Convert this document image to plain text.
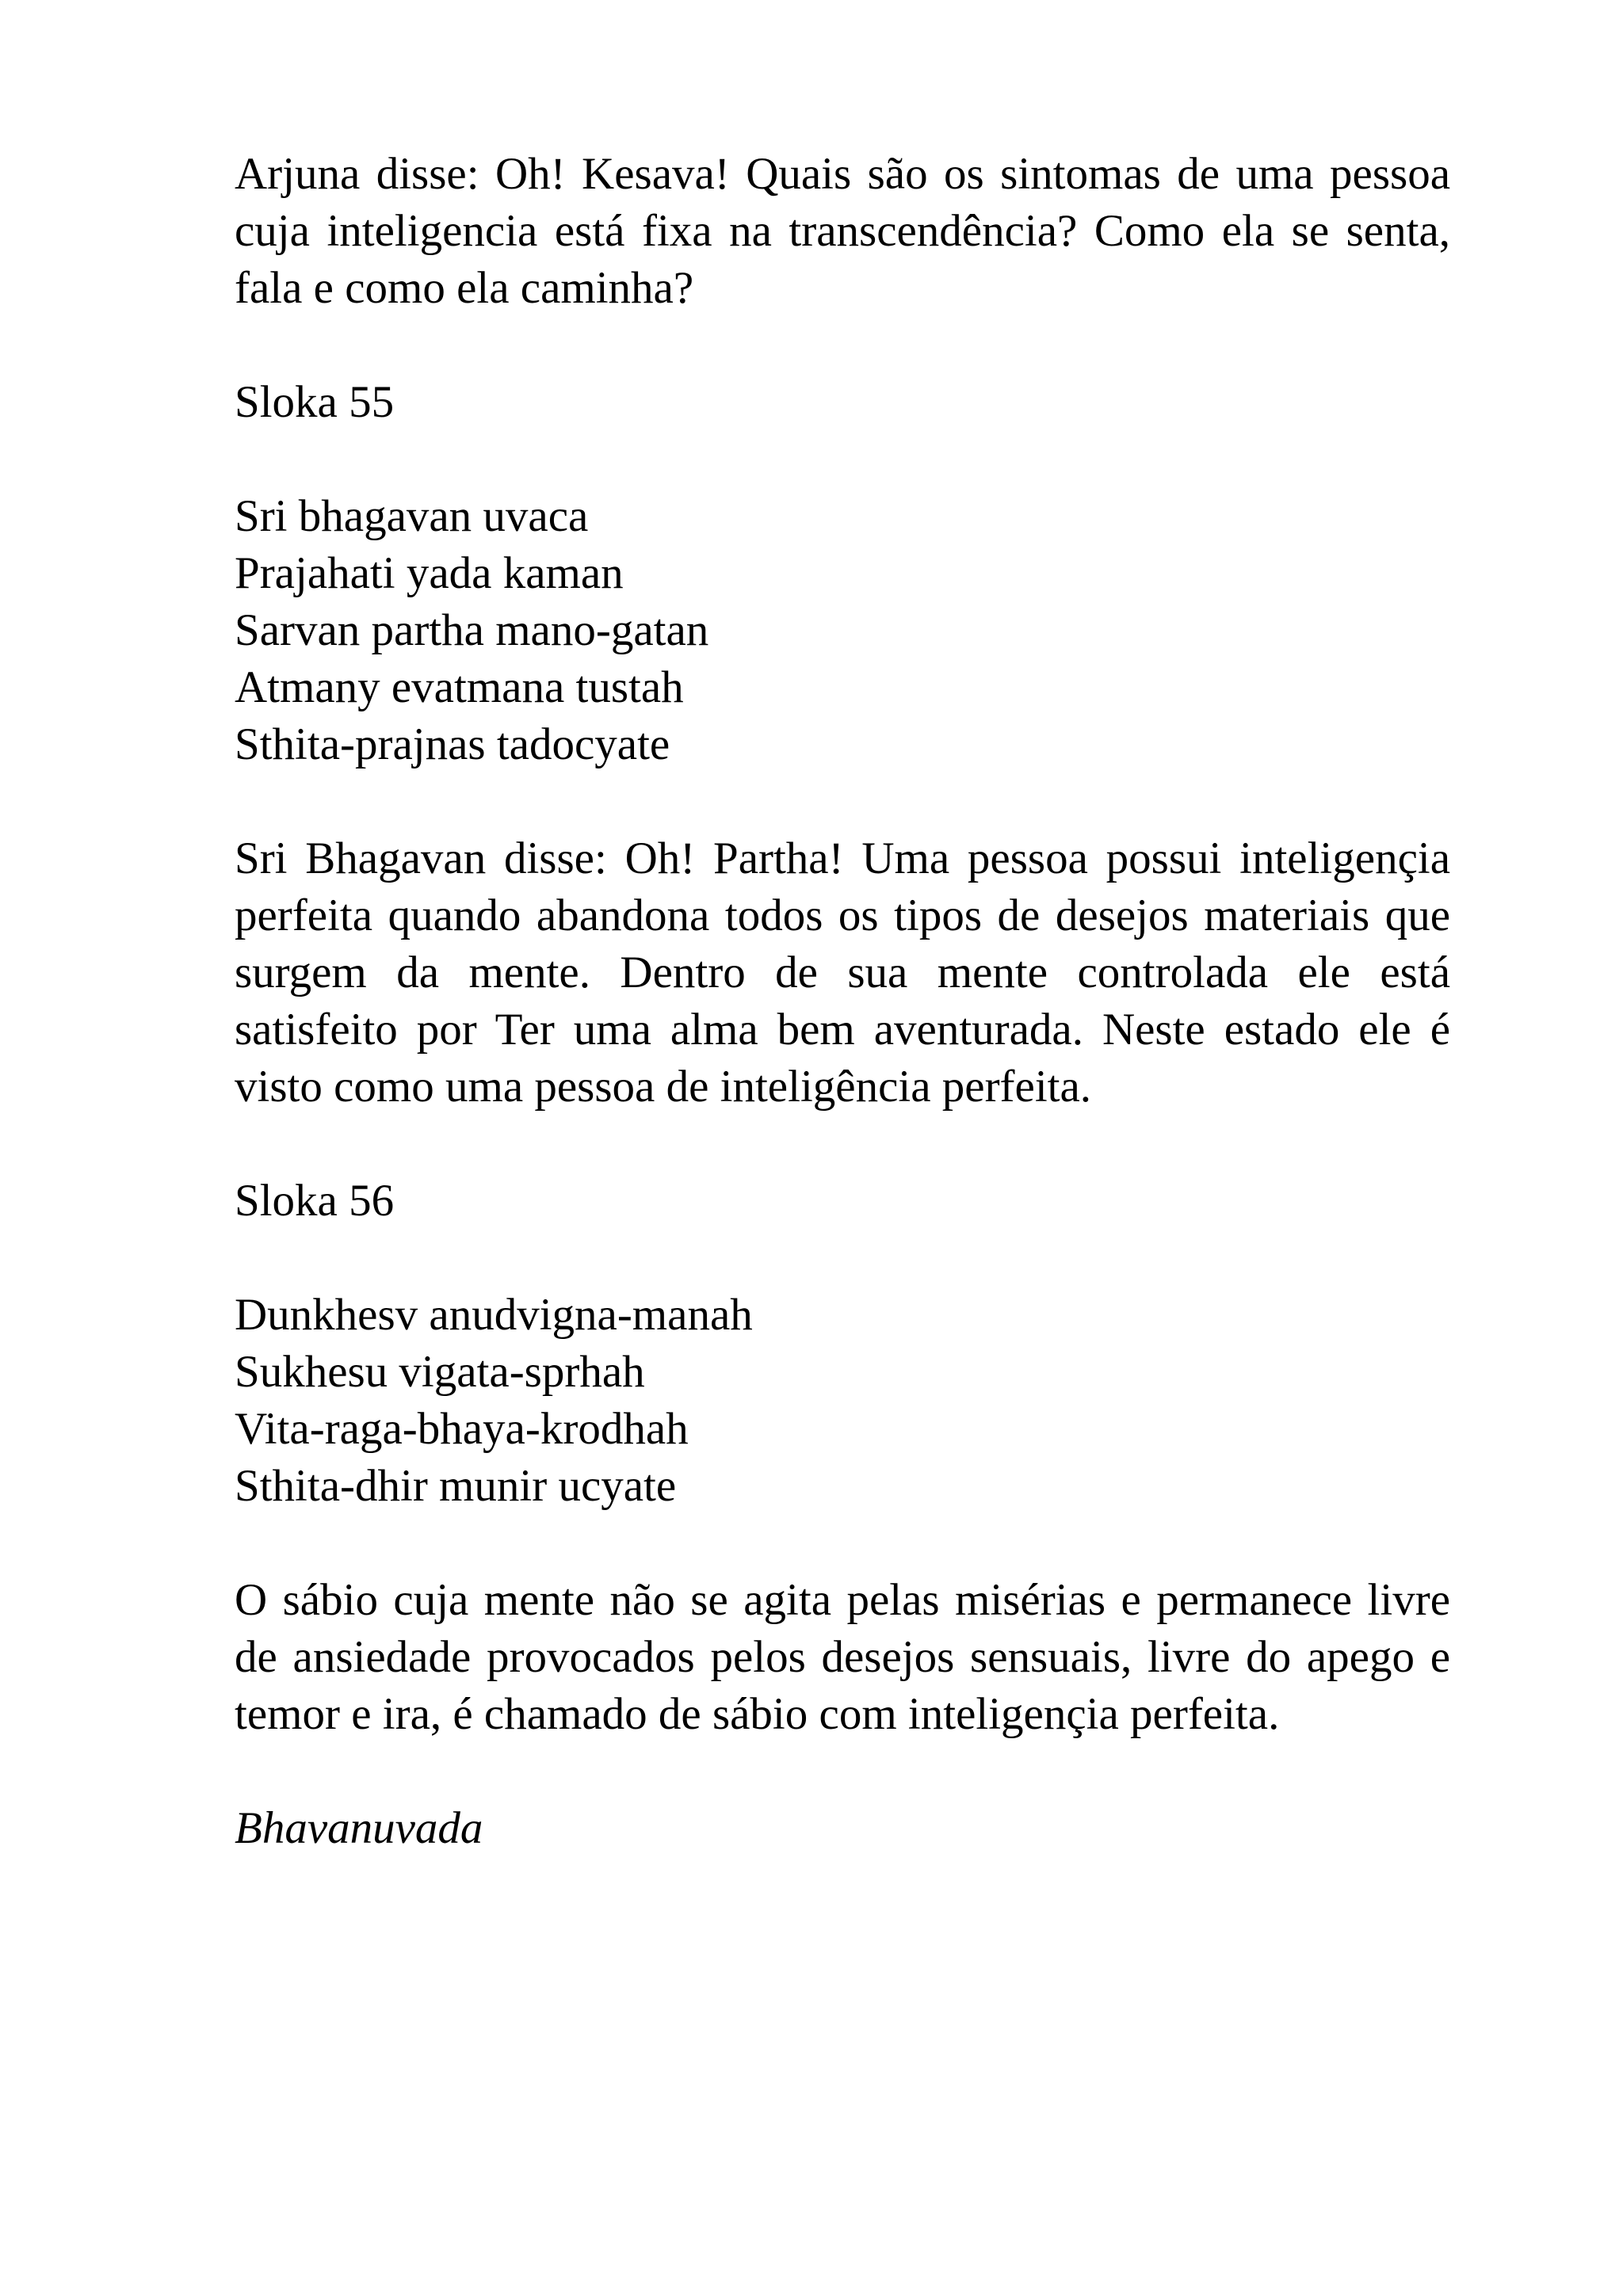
Arjuna disse: Oh! Kesava! Quais são os sintomas de uma pessoa cuja inteligencia está fixa na transcendência? Como ela se senta, fala e como ela caminha?

Sloka 55

Sri bhagavan uvaca
Prajahati yada kaman
Sarvan partha mano-gatan
Atmany evatmana tustah
Sthita-prajnas tadocyate

Sri Bhagavan disse: Oh! Partha! Uma pessoa possui inteligençia perfeita quando abandona todos os tipos de desejos materiais que surgem da mente. Dentro de sua mente controlada ele está satisfeito por Ter uma alma bem aventurada. Neste estado ele é visto como uma pessoa de inteligência perfeita.

Sloka 56

Dunkhesv anudvigna-manah
Sukhesu vigata-sprhah
Vita-raga-bhaya-krodhah
Sthita-dhir munir ucyate

O sábio cuja mente não se agita pelas misérias e permanece livre de ansiedade provocados pelos desejos sensuais, livre do apego e temor e ira, é chamado de sábio com inteligençia perfeita.

Bhavanuvada
